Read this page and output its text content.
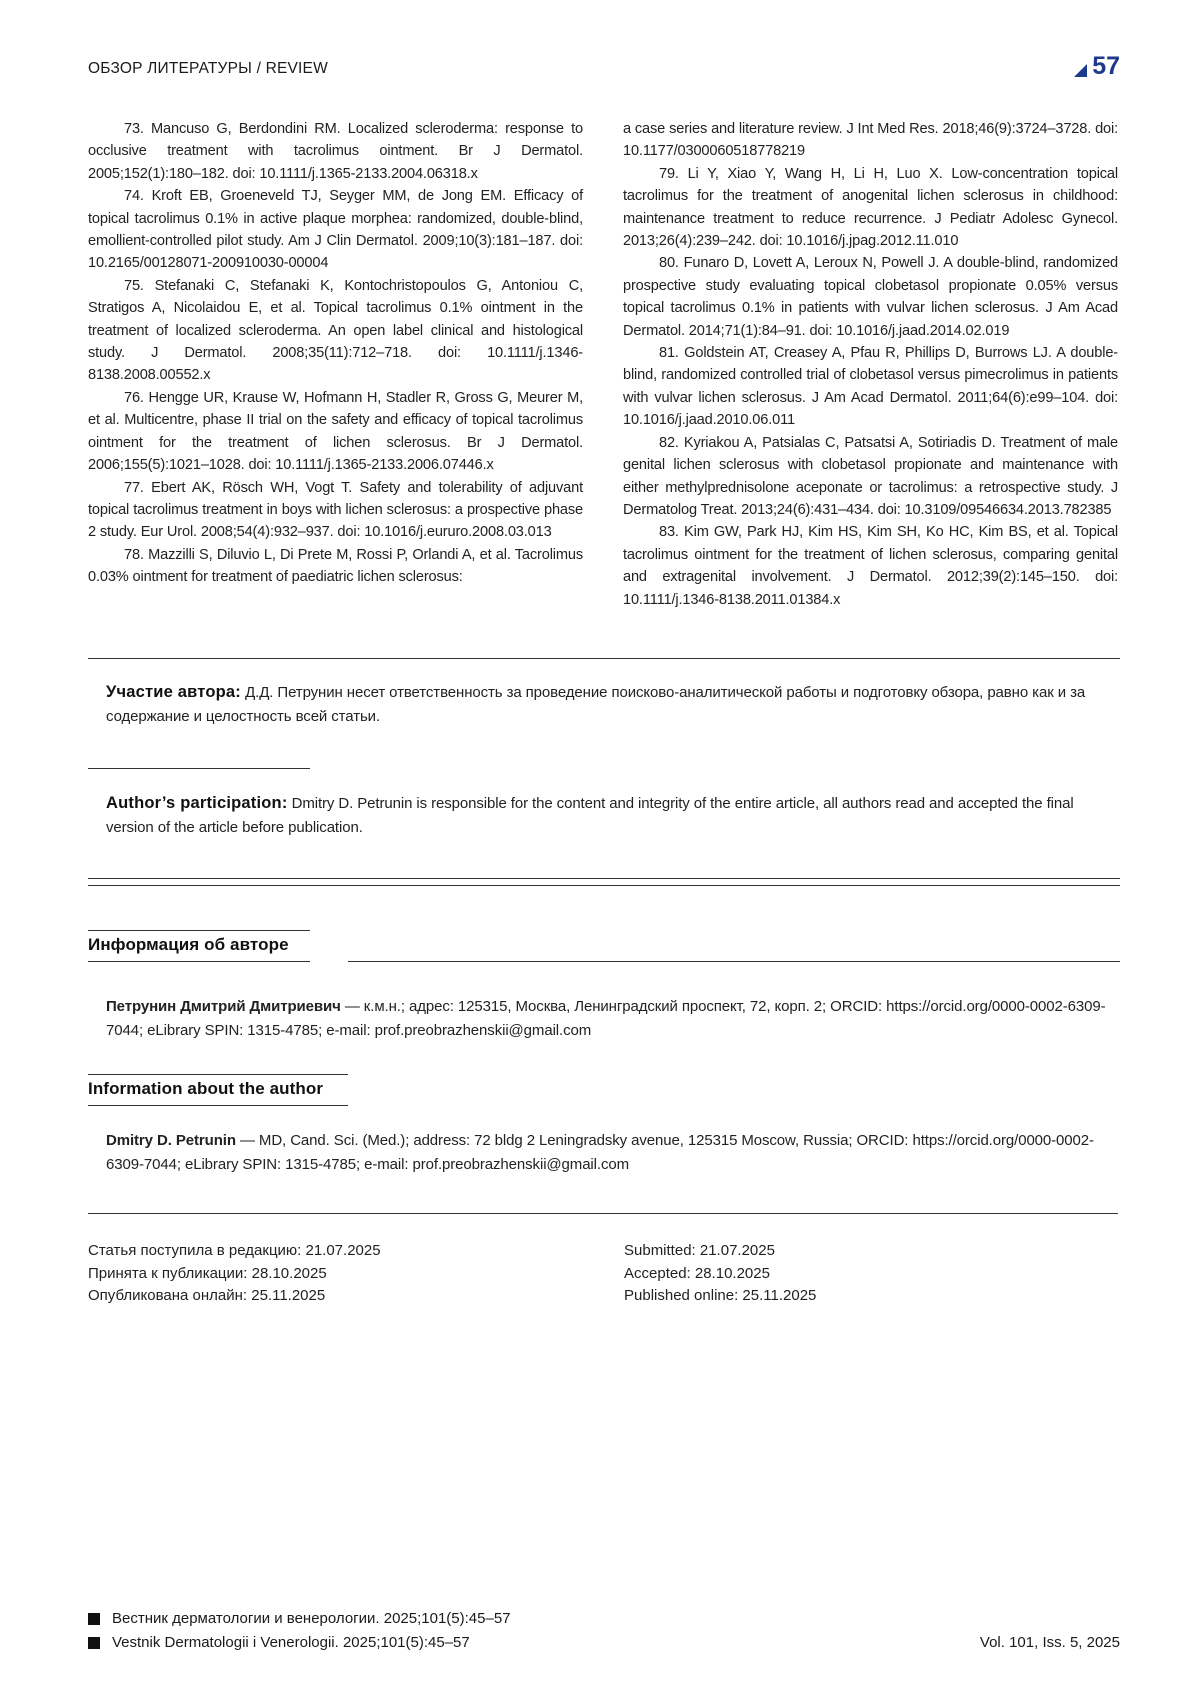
ОБЗОР ЛИТЕРАТУРЫ / REVIEW	57

73. Mancuso G, Berdondini RM. Localized scleroderma: response to occlusive treatment with tacrolimus ointment. Br J Dermatol. 2005;152(1):180–182. doi: 10.1111/j.1365-2133.2004.06318.x

74. Kroft EB, Groeneveld TJ, Seyger MM, de Jong EM. Efficacy of topical tacrolimus 0.1% in active plaque morphea: randomized, double-blind, emollient-controlled pilot study. Am J Clin Dermatol. 2009;10(3):181–187. doi: 10.2165/00128071-200910030-00004

75. Stefanaki C, Stefanaki K, Kontochristopoulos G, Antoniou C, Stratigos A, Nicolaidou E, et al. Topical tacrolimus 0.1% ointment in the treatment of localized scleroderma. An open label clinical and histological study. J Dermatol. 2008;35(11):712–718. doi: 10.1111/j.1346-8138.2008.00552.x

76. Hengge UR, Krause W, Hofmann H, Stadler R, Gross G, Meurer M, et al. Multicentre, phase II trial on the safety and efficacy of topical tacrolimus ointment for the treatment of lichen sclerosus. Br J Dermatol. 2006;155(5):1021–1028. doi: 10.1111/j.1365-2133.2006.07446.x

77. Ebert AK, Rösch WH, Vogt T. Safety and tolerability of adjuvant topical tacrolimus treatment in boys with lichen sclerosus: a prospective phase 2 study. Eur Urol. 2008;54(4):932–937. doi: 10.1016/j.eururo.2008.03.013

78. Mazzilli S, Diluvio L, Di Prete M, Rossi P, Orlandi A, et al. Tacrolimus 0.03% ointment for treatment of paediatric lichen sclerosus:

a case series and literature review. J Int Med Res. 2018;46(9):3724–3728. doi: 10.1177/0300060518778219

79. Li Y, Xiao Y, Wang H, Li H, Luo X. Low-concentration topical tacrolimus for the treatment of anogenital lichen sclerosus in childhood: maintenance treatment to reduce recurrence. J Pediatr Adolesc Gynecol. 2013;26(4):239–242. doi: 10.1016/j.jpag.2012.11.010

80. Funaro D, Lovett A, Leroux N, Powell J. A double-blind, randomized prospective study evaluating topical clobetasol propionate 0.05% versus topical tacrolimus 0.1% in patients with vulvar lichen sclerosus. J Am Acad Dermatol. 2014;71(1):84–91. doi: 10.1016/j.jaad.2014.02.019

81. Goldstein AT, Creasey A, Pfau R, Phillips D, Burrows LJ. A double-blind, randomized controlled trial of clobetasol versus pimecrolimus in patients with vulvar lichen sclerosus. J Am Acad Dermatol. 2011;64(6):e99–104. doi: 10.1016/j.jaad.2010.06.011

82. Kyriakou A, Patsialas C, Patsatsi A, Sotiriadis D. Treatment of male genital lichen sclerosus with clobetasol propionate and maintenance with either methylprednisolone aceponate or tacrolimus: a retrospective study. J Dermatolog Treat. 2013;24(6):431–434. doi: 10.3109/09546634.2013.782385

83. Kim GW, Park HJ, Kim HS, Kim SH, Ko HC, Kim BS, et al. Topical tacrolimus ointment for the treatment of lichen sclerosus, comparing genital and extragenital involvement. J Dermatol. 2012;39(2):145–150. doi: 10.1111/j.1346-8138.2011.01384.x

Участие автора: Д.Д. Петрунин несет ответственность за проведение поисково-аналитической работы и подготовку обзора, равно как и за содержание и целостность всей статьи.
Author’s participation: Dmitry D. Petrunin is responsible for the content and integrity of the entire article, all authors read and accepted the final version of the article before publication.
Информация об авторе
Петрунин Дмитрий Дмитриевич — к.м.н.; адрес: 125315, Москва, Ленинградский проспект, 72, корп. 2; ORCID: https://orcid.org/0000-0002-6309-7044; eLibrary SPIN: 1315-4785; e-mail: prof.preobrazhenskii@gmail.com
Information about the author
Dmitry D. Petrunin — MD, Cand. Sci. (Med.); address: 72 bldg 2 Leningradsky avenue, 125315 Moscow, Russia; ORCID: https://orcid.org/0000-0002-6309-7044; eLibrary SPIN: 1315-4785; e-mail: prof.preobrazhenskii@gmail.com
Статья поступила в редакцию: 21.07.2025
Принята к публикации: 28.10.2025
Опубликована онлайн: 25.11.2025
Submitted: 21.07.2025
Accepted: 28.10.2025
Published online: 25.11.2025
Вестник дерматологии и венерологии. 2025;101(5):45–57
Vestnik Dermatologii i Venerologii. 2025;101(5):45–57	Vol. 101, Iss. 5, 2025
